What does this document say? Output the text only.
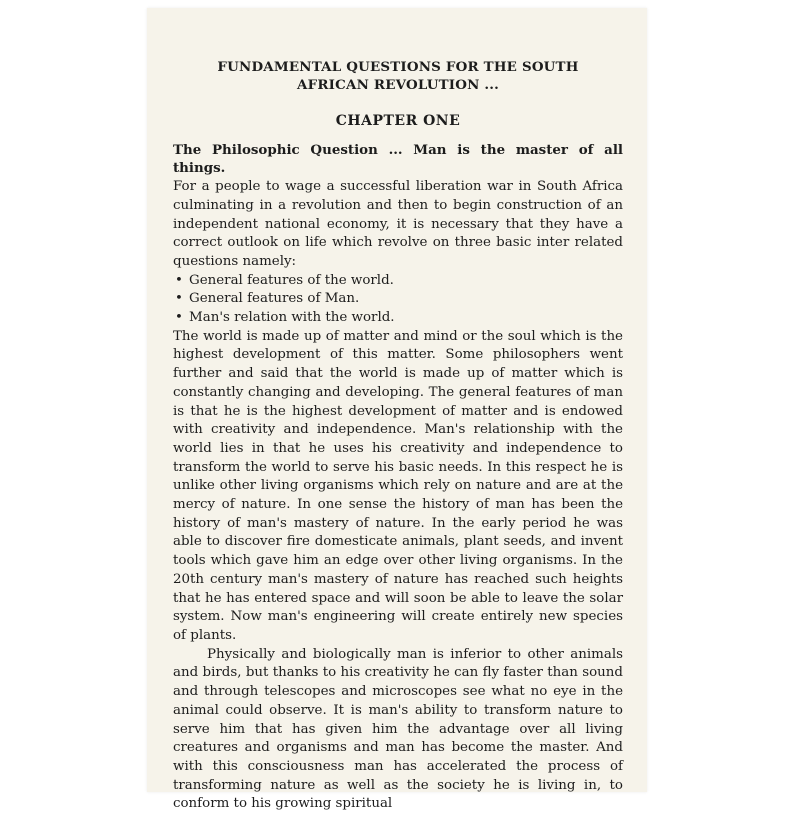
FUNDAMENTAL QUESTIONS FOR THE SOUTH
AFRICAN REVOLUTION ...
CHAPTER ONE

The Philosophic Question ... Man is the master of all things.

For a people to wage a successful liberation war in South Africa culminating in a revolution and then to begin construction of an independent national economy, it is necessary that they have a correct outlook on life which revolve on three basic inter related questions namely:

• General features of the world.
• General features of Man.
• Man's relation with the world.

The world is made up of matter and mind or the soul which is the highest development of this matter. Some philosophers went further and said that the world is made up of matter which is constantly changing and developing. The general features of man is that he is the highest development of matter and is endowed with creativity and independence. Man's relationship with the world lies in that he uses his creativity and independence to transform the world to serve his basic needs. In this respect he is unlike other living organisms which rely on nature and are at the mercy of nature. In one sense the history of man has been the history of man's mastery of nature. In the early period he was able to discover fire domesticate animals, plant seeds, and invent tools which gave him an edge over other living organisms. In the 20th century man's mastery of nature has reached such heights that he has entered space and will soon be able to leave the solar system. Now man's engineering will create entirely new species of plants.

Physically and biologically man is inferior to other animals and birds, but thanks to his creativity he can fly faster than sound and through telescopes and microscopes see what no eye in the animal could observe. It is man's ability to transform nature to serve him that has given him the advantage over all living creatures and organisms and man has become the master. And with this consciousness man has accelerated the process of transforming nature as well as the society he is living in, to conform to his growing spiritual
